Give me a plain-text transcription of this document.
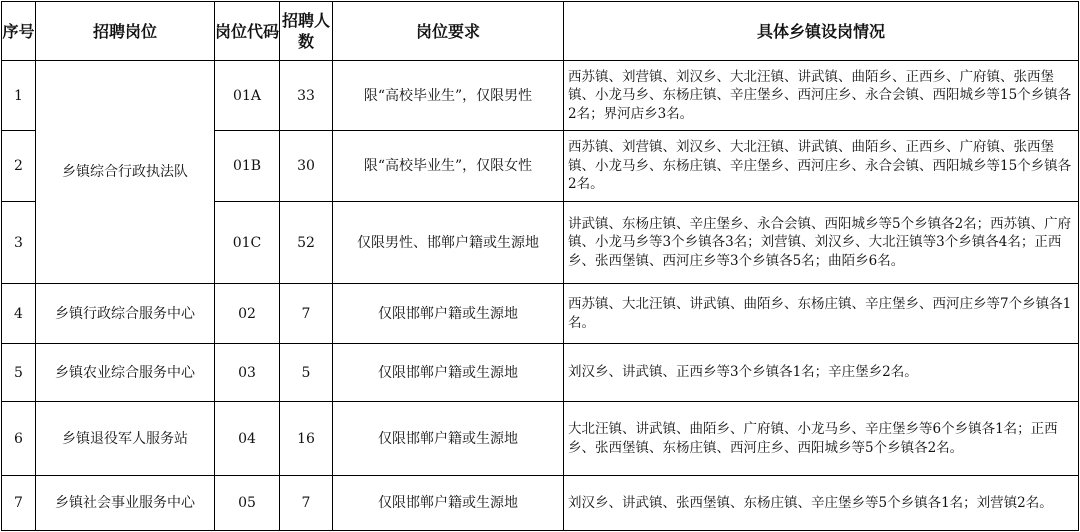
序号	招聘岗位	岗位代码	招聘人数	岗位要求	具体乡镇设岗情况
1	乡镇综合行政执法队	01A	33	限“高校毕业生”，仅限男性	西苏镇、刘营镇、刘汉乡、大北汪镇、讲武镇、曲陌乡、正西乡、广府镇、张西堡镇、小龙马乡、东杨庄镇、辛庄堡乡、西河庄乡、永合会镇、西阳城乡等15个乡镇各2名；界河店乡3名。
2		01B	30	限“高校毕业生”，仅限女性	西苏镇、刘营镇、刘汉乡、大北汪镇、讲武镇、曲陌乡、正西乡、广府镇、张西堡镇、小龙马乡、东杨庄镇、辛庄堡乡、西河庄乡、永合会镇、西阳城乡等15个乡镇各2名。
3		01C	52	仅限男性、邯郸户籍或生源地	讲武镇、东杨庄镇、辛庄堡乡、永合会镇、西阳城乡等5个乡镇各2名；西苏镇、广府镇、小龙马乡等3个乡镇各3名；刘营镇、刘汉乡、大北汪镇等3个乡镇各4名；正西乡、张西堡镇、西河庄乡等3个乡镇各5名；曲陌乡6名。
4	乡镇行政综合服务中心	02	7	仅限邯郸户籍或生源地	西苏镇、大北汪镇、讲武镇、曲陌乡、东杨庄镇、辛庄堡乡、西河庄乡等7个乡镇各1名。
5	乡镇农业综合服务中心	03	5	仅限邯郸户籍或生源地	刘汉乡、讲武镇、正西乡等3个乡镇各1名；辛庄堡乡2名。
6	乡镇退役军人服务站	04	16	仅限邯郸户籍或生源地	大北汪镇、讲武镇、曲陌乡、广府镇、小龙马乡、辛庄堡乡等6个乡镇各1名；正西乡、张西堡镇、东杨庄镇、西河庄乡、西阳城乡等5个乡镇各2名。
7	乡镇社会事业服务中心	05	7	仅限邯郸户籍或生源地	刘汉乡、讲武镇、张西堡镇、东杨庄镇、辛庄堡乡等5个乡镇各1名；刘营镇2名。
